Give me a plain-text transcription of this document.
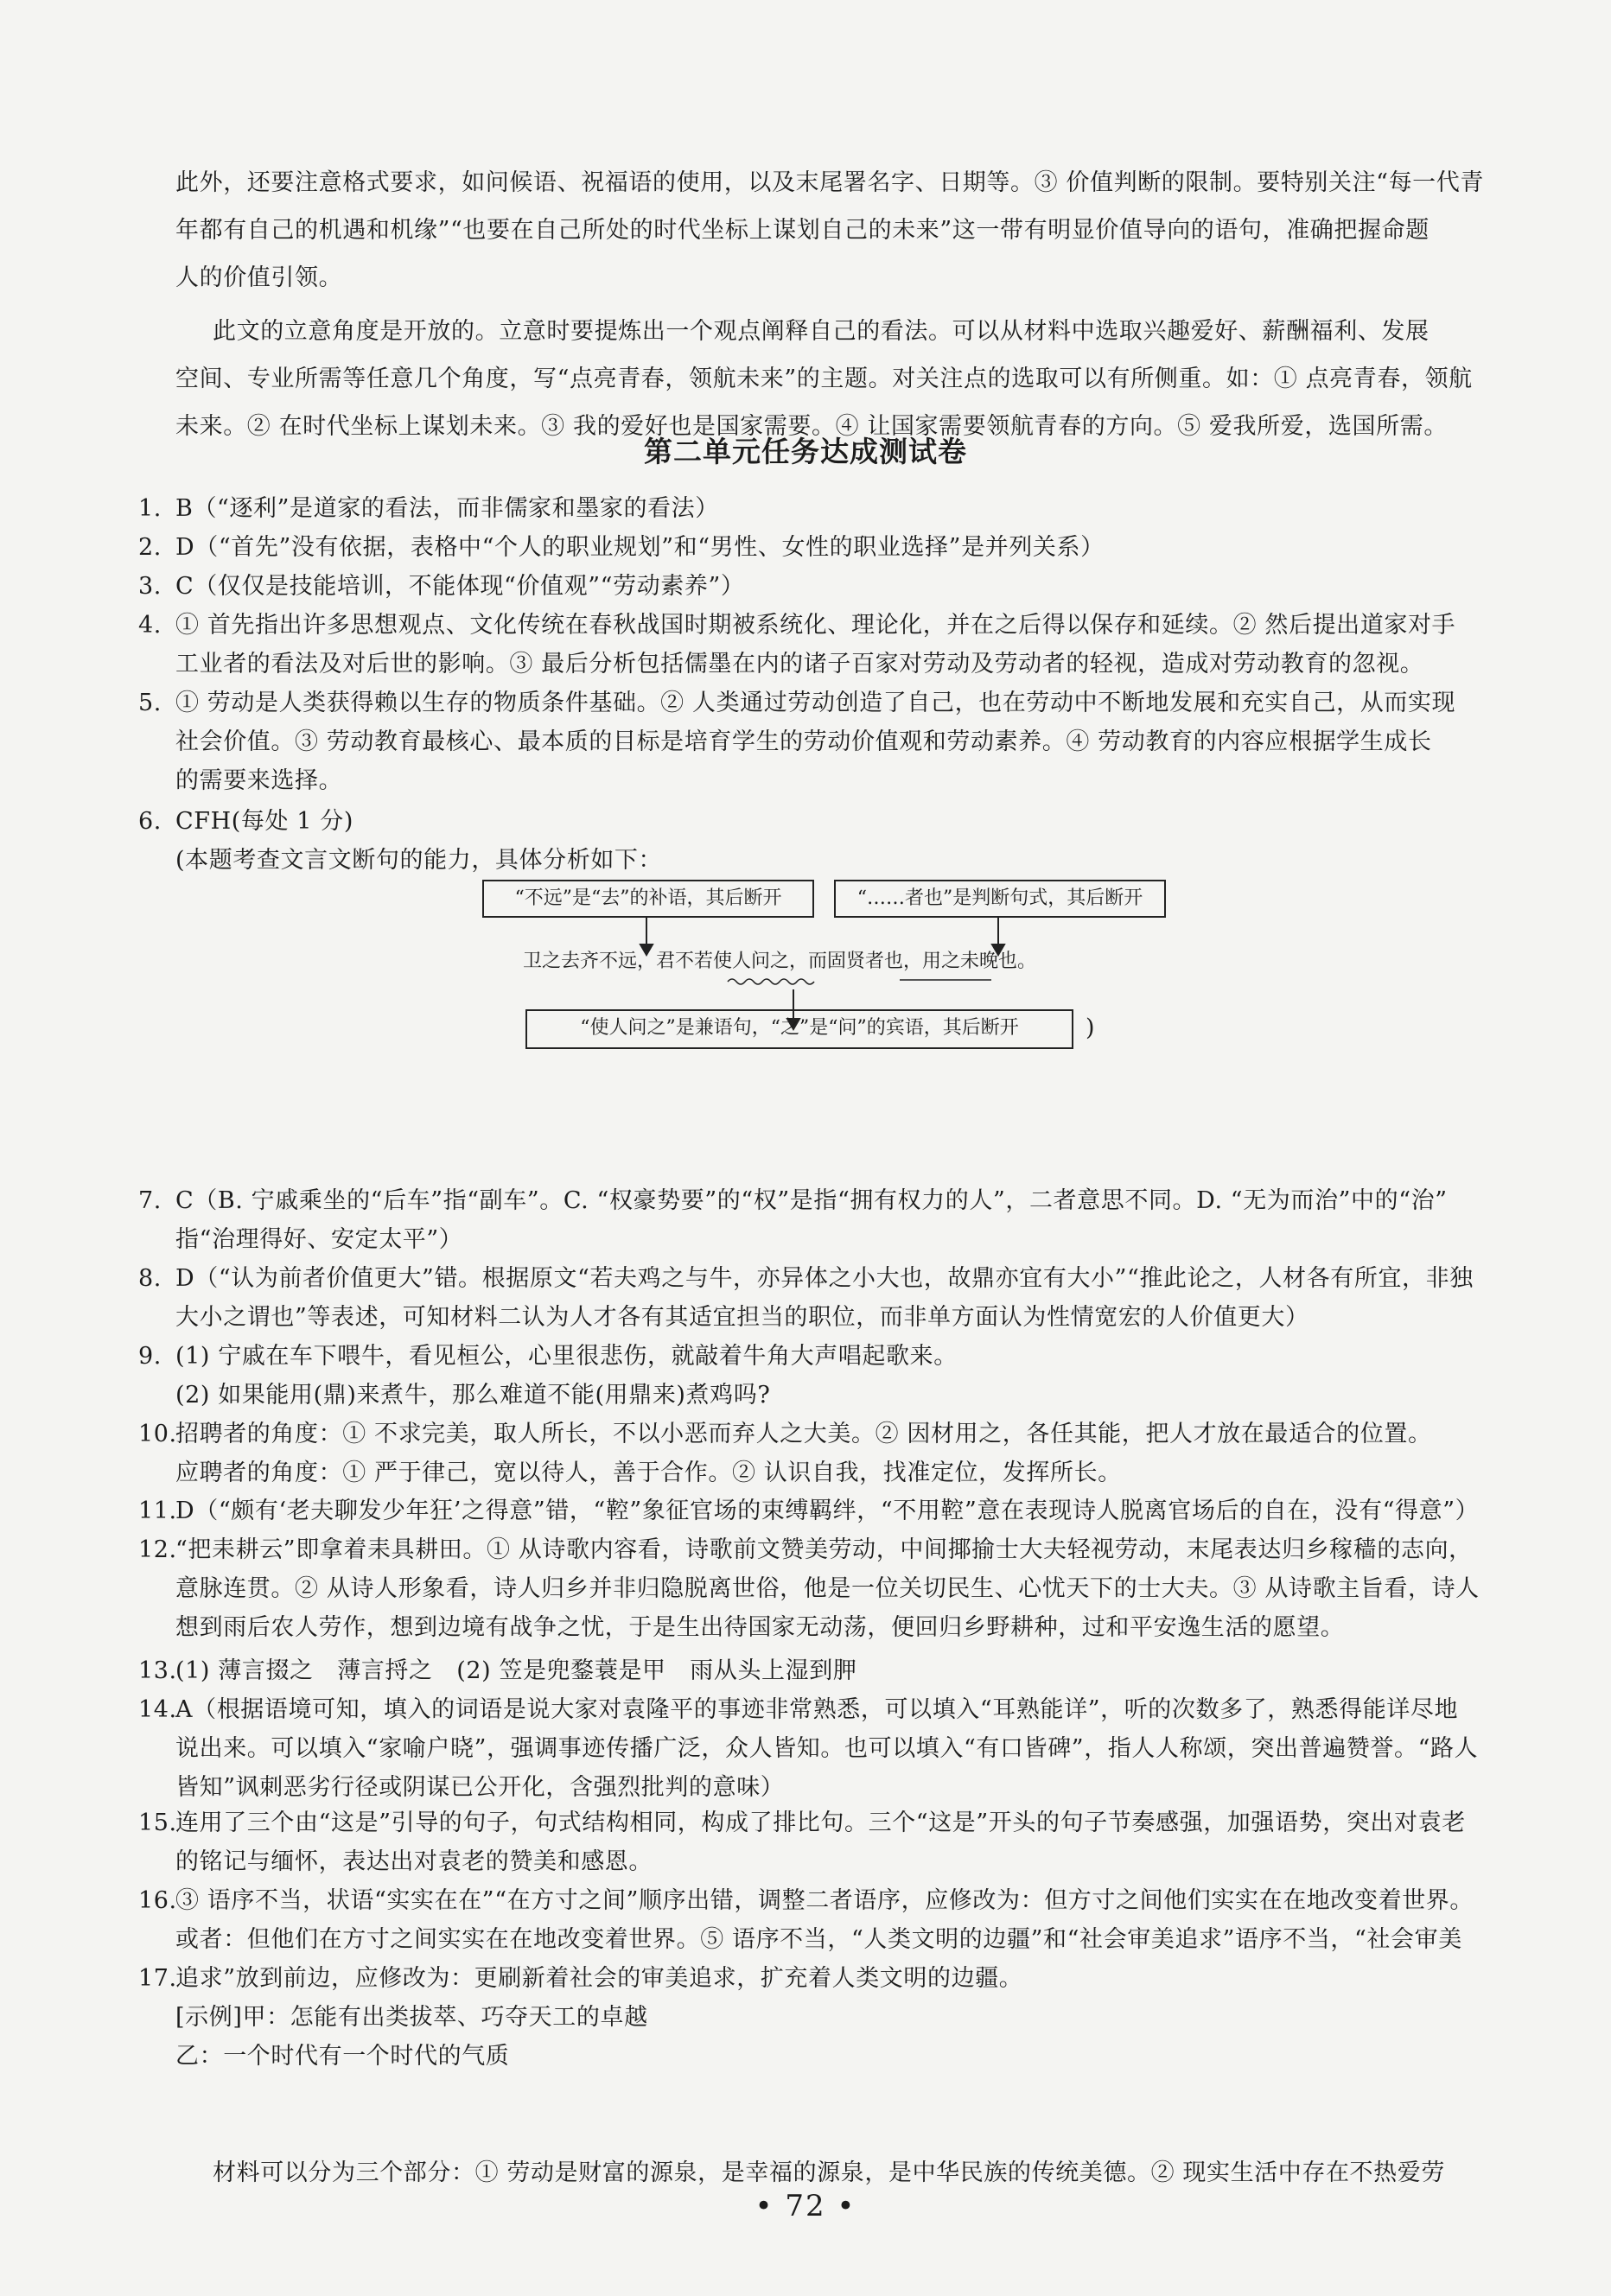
此外，还要注意格式要求，如问候语、祝福语的使用，以及末尾署名字、日期等。③ 价值判断的限制。要特别关注“每一代青
年都有自己的机遇和机缘”“也要在自己所处的时代坐标上谋划自己的未来”这一带有明显价值导向的语句，准确把握命题
人的价值引领。
此文的立意角度是开放的。立意时要提炼出一个观点阐释自己的看法。可以从材料中选取兴趣爱好、薪酬福利、发展
空间、专业所需等任意几个角度，写“点亮青春，领航未来”的主题。对关注点的选取可以有所侧重。如：① 点亮青春，领航
未来。② 在时代坐标上谋划未来。③ 我的爱好也是国家需要。④ 让国家需要领航青春的方向。⑤ 爱我所爱，选国所需。
第二单元任务达成测试卷
1. B（“逐利”是道家的看法，而非儒家和墨家的看法）
2. D（“首先”没有依据，表格中“个人的职业规划”和“男性、女性的职业选择”是并列关系）
3. C（仅仅是技能培训，不能体现“价值观”“劳动素养”）
4. ① 首先指出许多思想观点、文化传统在春秋战国时期被系统化、理论化，并在之后得以保存和延续。② 然后提出道家对手
工业者的看法及对后世的影响。③ 最后分析包括儒墨在内的诸子百家对劳动及劳动者的轻视，造成对劳动教育的忽视。
5. ① 劳动是人类获得赖以生存的物质条件基础。② 人类通过劳动创造了自己，也在劳动中不断地发展和充实自己，从而实现
社会价值。③ 劳动教育最核心、最本质的目标是培育学生的劳动价值观和劳动素养。④ 劳动教育的内容应根据学生成长
的需要来选择。
6. CFH(每处 1 分)
(本题考查文言文断句的能力，具体分析如下：
“不远”是“去”的补语，其后断开	“……者也”是判断句式，其后断开
卫之去齐不远，君不若使人问之，而固贤者也，用之未晚也。
“使人问之”是兼语句，“之”是“问”的宾语，其后断开	)
7. C（B. 宁戚乘坐的“后车”指“副车”。C. “权豪势要”的“权”是指“拥有权力的人”，二者意思不同。D. “无为而治”中的“治”
指“治理得好、安定太平”）
8. D（“认为前者价值更大”错。根据原文“若夫鸡之与牛，亦异体之小大也，故鼎亦宜有大小”“推此论之，人材各有所宜，非独
大小之谓也”等表述，可知材料二认为人才各有其适宜担当的职位，而非单方面认为性情宽宏的人价值更大）
9. (1) 宁戚在车下喂牛，看见桓公，心里很悲伤，就敲着牛角大声唱起歌来。
(2) 如果能用(鼎)来煮牛，那么难道不能(用鼎来)煮鸡吗?
10.
招聘者的角度：① 不求完美，取人所长，不以小恶而弃人之大美。② 因材用之，各任其能，把人才放在最适合的位置。
应聘者的角度：① 严于律己，宽以待人，善于合作。② 认识自我，找准定位，发挥所长。
11.
D（“颇有‘老夫聊发少年狂’之得意”错，“鞚”象征官场的束缚羁绊，“不用鞚”意在表现诗人脱离官场后的自在，没有“得意”）
12.
“把耒耕云”即拿着耒具耕田。① 从诗歌内容看，诗歌前文赞美劳动，中间揶揄士大夫轻视劳动，末尾表达归乡稼穑的志向，
意脉连贯。② 从诗人形象看，诗人归乡并非归隐脱离世俗，他是一位关切民生、心忧天下的士大夫。③ 从诗歌主旨看，诗人
想到雨后农人劳作，想到边境有战争之忧，于是生出待国家无动荡，便回归乡野耕种，过和平安逸生活的愿望。
13.
(1) 薄言掇之　薄言捋之　(2) 笠是兜鍪蓑是甲　雨从头上湿到胛
14.
A（根据语境可知，填入的词语是说大家对袁隆平的事迹非常熟悉，可以填入“耳熟能详”，听的次数多了，熟悉得能详尽地
说出来。可以填入“家喻户晓”，强调事迹传播广泛，众人皆知。也可以填入“有口皆碑”，指人人称颂，突出普遍赞誉。“路人
皆知”讽刺恶劣行径或阴谋已公开化，含强烈批判的意味）
15.
连用了三个由“这是”引导的句子，句式结构相同，构成了排比句。三个“这是”开头的句子节奏感强，加强语势，突出对袁老
的铭记与缅怀，表达出对袁老的赞美和感恩。
16.
③ 语序不当，状语“实实在在”“在方寸之间”顺序出错，调整二者语序，应修改为：但方寸之间他们实实在在地改变着世界。
或者：但他们在方寸之间实实在在地改变着世界。⑤ 语序不当，“人类文明的边疆”和“社会审美追求”语序不当，“社会审美
追求”放到前边，应修改为：更刷新着社会的审美追求，扩充着人类文明的边疆。
17.
[示例]甲：怎能有出类拔萃、巧夺天工的卓越
乙：一个时代有一个时代的气质
• 72 •
材料可以分为三个部分：① 劳动是财富的源泉，是幸福的源泉，是中华民族的传统美德。② 现实生活中存在不热爱劳
